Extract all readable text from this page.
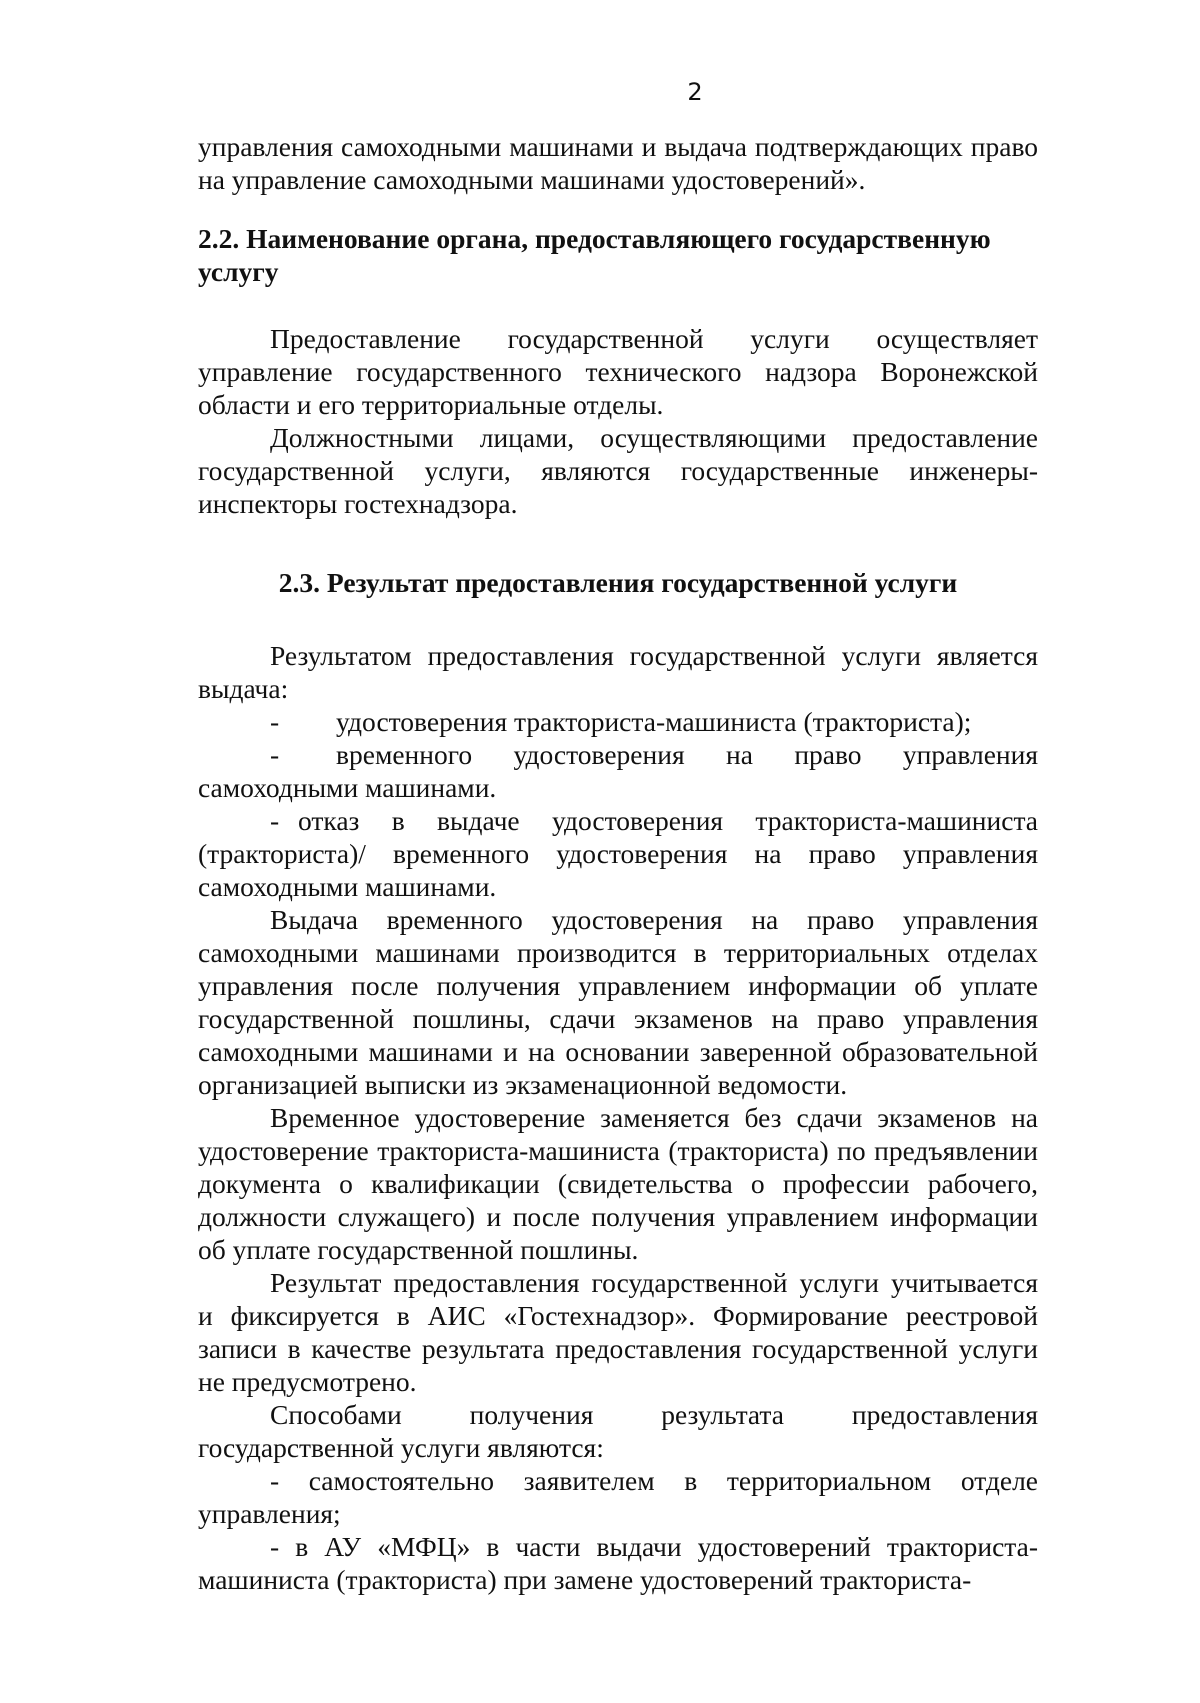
2

управления самоходными машинами и выдача подтверждающих право на управление самоходными машинами удостоверений».

2.2. Наименование органа, предоставляющего государственную услугу

Предоставление государственной услуги осуществляет управление государственного технического надзора Воронежской области и его территориальные отделы.

Должностными лицами, осуществляющими предоставление государственной услуги, являются государственные инженеры-инспекторы гостехнадзора.

2.3. Результат предоставления государственной услуги

Результатом предоставления государственной услуги является выдача:

- удостоверения тракториста-машиниста (тракториста);

- временного удостоверения на право управления самоходными машинами.

- отказ в выдаче удостоверения тракториста-машиниста (тракториста)/ временного удостоверения на право управления самоходными машинами.

Выдача временного удостоверения на право управления самоходными машинами производится в территориальных отделах управления после получения управлением информации об уплате государственной пошлины, сдачи экзаменов на право управления самоходными машинами и на основании заверенной образовательной организацией выписки из экзаменационной ведомости.

Временное удостоверение заменяется без сдачи экзаменов на удостоверение тракториста-машиниста (тракториста) по предъявлении документа о квалификации (свидетельства о профессии рабочего, должности служащего) и после получения управлением информации об уплате государственной пошлины.

Результат предоставления государственной услуги учитывается и фиксируется в АИС «Гостехнадзор». Формирование реестровой записи в качестве результата предоставления государственной услуги не предусмотрено.

Способами получения результата предоставления государственной услуги являются:

- самостоятельно заявителем в территориальном отделе управления;

- в АУ «МФЦ» в части выдачи удостоверений тракториста-машиниста (тракториста) при замене удостоверений тракториста-
